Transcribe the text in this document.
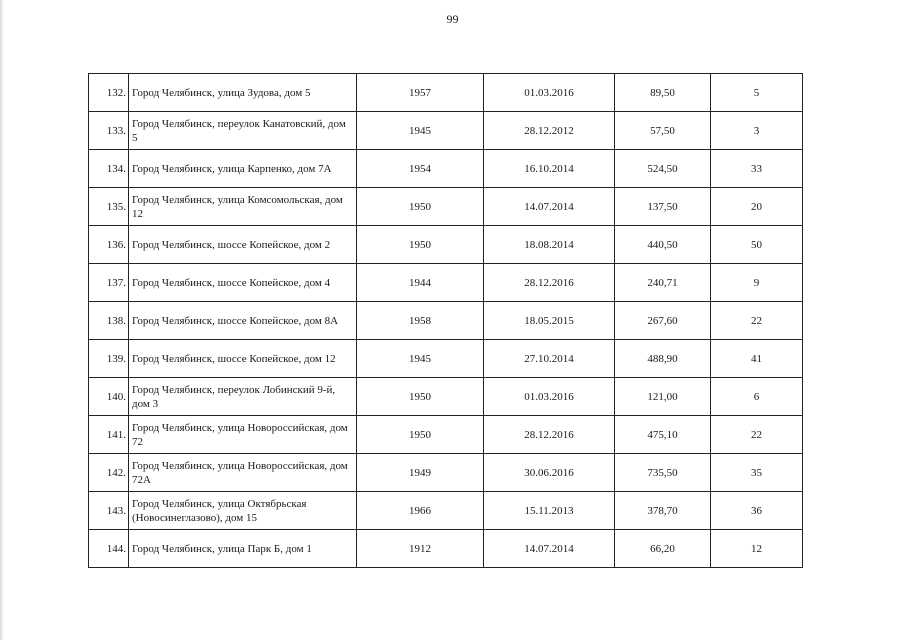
99
132.	Город Челябинск, улица Зудова, дом 5	1957	01.03.2016	89,50	5
133.	Город Челябинск, переулок Канатовский, дом 5	1945	28.12.2012	57,50	3
134.	Город Челябинск, улица Карпенко, дом 7А	1954	16.10.2014	524,50	33
135.	Город Челябинск, улица Комсомольская, дом 12	1950	14.07.2014	137,50	20
136.	Город Челябинск, шоссе Копейское, дом 2	1950	18.08.2014	440,50	50
137.	Город Челябинск, шоссе Копейское, дом 4	1944	28.12.2016	240,71	9
138.	Город Челябинск, шоссе Копейское, дом 8А	1958	18.05.2015	267,60	22
139.	Город Челябинск, шоссе Копейское, дом 12	1945	27.10.2014	488,90	41
140.	Город Челябинск, переулок Лобинский 9-й, дом 3	1950	01.03.2016	121,00	6
141.	Город Челябинск, улица Новороссийская, дом 72	1950	28.12.2016	475,10	22
142.	Город Челябинск, улица Новороссийская, дом 72А	1949	30.06.2016	735,50	35
143.	Город Челябинск, улица Октябрьская (Новосинеглазово), дом 15	1966	15.11.2013	378,70	36
144.	Город Челябинск, улица Парк Б, дом 1	1912	14.07.2014	66,20	12
